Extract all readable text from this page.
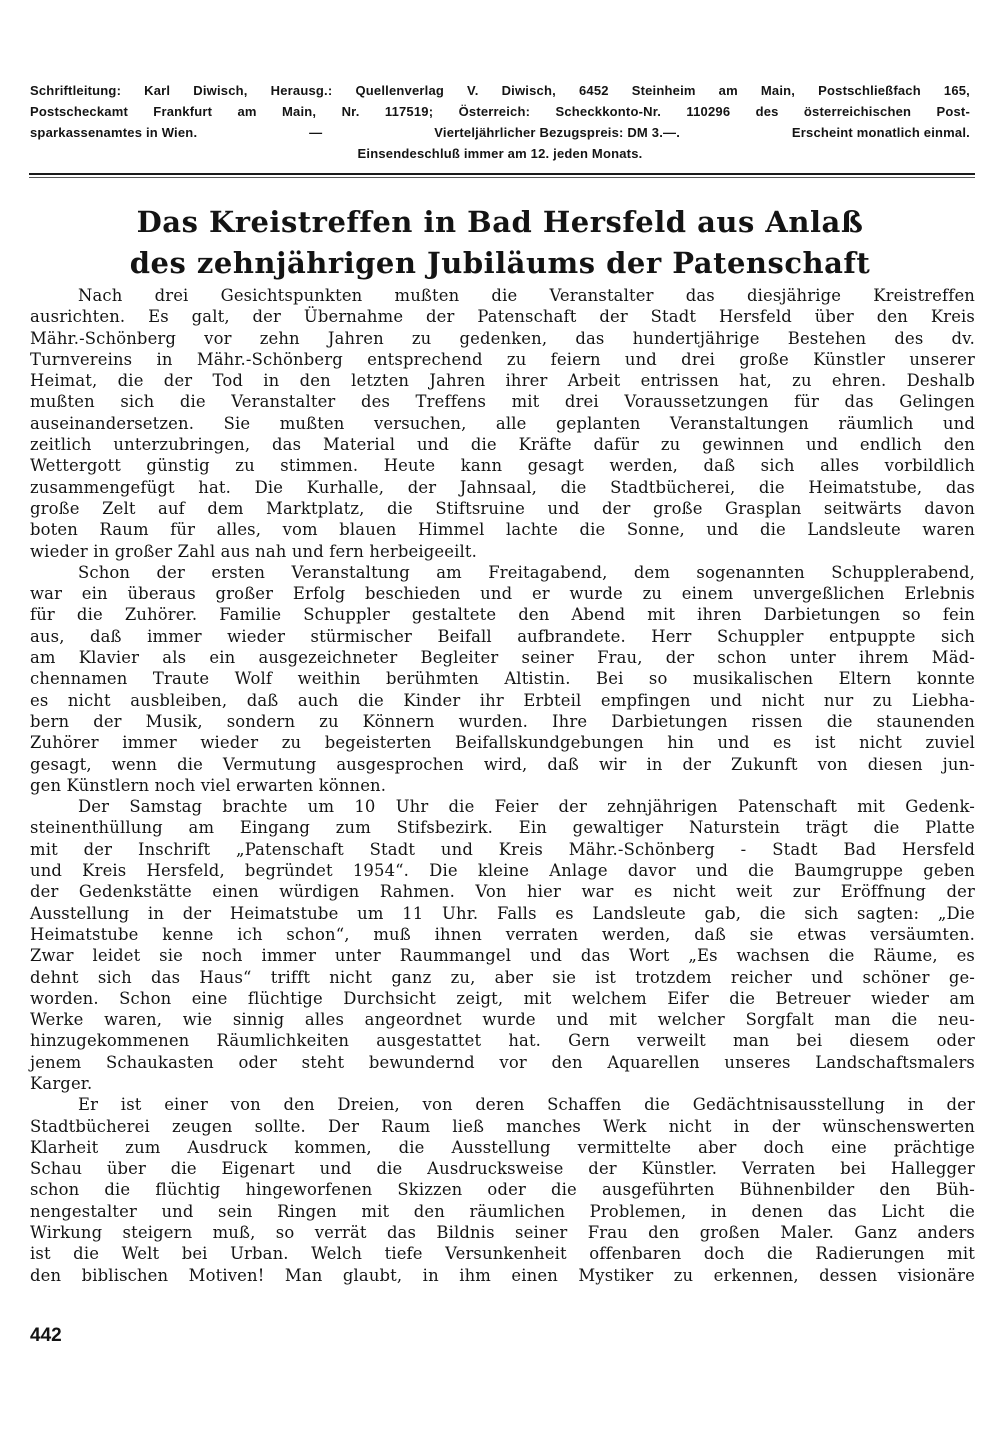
Schriftleitung: Karl Diwisch, Herausg.: Quellenverlag V. Diwisch, 6452 Steinheim am Main, Postschließfach 165,
Postscheckamt Frankfurt am Main, Nr. 117519; Österreich: Scheckkonto-Nr. 110296 des österreichischen Post-
sparkassenamtes in Wien.	—	Vierteljährlicher Bezugspreis: DM 3.—.	Erscheint monatlich einmal.
Einsendeschluß immer am 12. jeden Monats.
Das Kreistreffen in Bad Hersfeld aus Anlaß
des zehnjährigen Jubiläums der Patenschaft
Nach drei Gesichtspunkten mußten die Veranstalter das diesjährige Kreistreffen
ausrichten. Es galt, der Übernahme der Patenschaft der Stadt Hersfeld über den Kreis
Mähr.-Schönberg vor zehn Jahren zu gedenken, das hundertjährige Bestehen des dv.
Turnvereins in Mähr.-Schönberg entsprechend zu feiern und drei große Künstler unserer
Heimat, die der Tod in den letzten Jahren ihrer Arbeit entrissen hat, zu ehren. Deshalb
mußten sich die Veranstalter des Treffens mit drei Voraussetzungen für das Gelingen
auseinandersetzen. Sie mußten versuchen, alle geplanten Veranstaltungen räumlich und
zeitlich unterzubringen, das Material und die Kräfte dafür zu gewinnen und endlich den
Wettergott günstig zu stimmen. Heute kann gesagt werden, daß sich alles vorbildlich
zusammengefügt hat. Die Kurhalle, der Jahnsaal, die Stadtbücherei, die Heimatstube, das
große Zelt auf dem Marktplatz, die Stiftsruine und der große Grasplan seitwärts davon
boten Raum für alles, vom blauen Himmel lachte die Sonne, und die Landsleute waren
wieder in großer Zahl aus nah und fern herbeigeeilt.
Schon der ersten Veranstaltung am Freitagabend, dem sogenannten Schupplerabend,
war ein überaus großer Erfolg beschieden und er wurde zu einem unvergeßlichen Erlebnis
für die Zuhörer. Familie Schuppler gestaltete den Abend mit ihren Darbietungen so fein
aus, daß immer wieder stürmischer Beifall aufbrandete. Herr Schuppler entpuppte sich
am Klavier als ein ausgezeichneter Begleiter seiner Frau, der schon unter ihrem Mäd-
chennamen Traute Wolf weithin berühmten Altistin. Bei so musikalischen Eltern konnte
es nicht ausbleiben, daß auch die Kinder ihr Erbteil empfingen und nicht nur zu Liebha-
bern der Musik, sondern zu Könnern wurden. Ihre Darbietungen rissen die staunenden
Zuhörer immer wieder zu begeisterten Beifallskundgebungen hin und es ist nicht zuviel
gesagt, wenn die Vermutung ausgesprochen wird, daß wir in der Zukunft von diesen jun-
gen Künstlern noch viel erwarten können.
Der Samstag brachte um 10 Uhr die Feier der zehnjährigen Patenschaft mit Gedenk-
steinenthüllung am Eingang zum Stifsbezirk. Ein gewaltiger Naturstein trägt die Platte
mit der Inschrift „Patenschaft Stadt und Kreis Mähr.-Schönberg - Stadt Bad Hersfeld
und Kreis Hersfeld, begründet 1954“. Die kleine Anlage davor und die Baumgruppe geben
der Gedenkstätte einen würdigen Rahmen. Von hier war es nicht weit zur Eröffnung der
Ausstellung in der Heimatstube um 11 Uhr. Falls es Landsleute gab, die sich sagten: „Die
Heimatstube kenne ich schon“, muß ihnen verraten werden, daß sie etwas versäumten.
Zwar leidet sie noch immer unter Raummangel und das Wort „Es wachsen die Räume, es
dehnt sich das Haus“ trifft nicht ganz zu, aber sie ist trotzdem reicher und schöner ge-
worden. Schon eine flüchtige Durchsicht zeigt, mit welchem Eifer die Betreuer wieder am
Werke waren, wie sinnig alles angeordnet wurde und mit welcher Sorgfalt man die neu-
hinzugekommenen Räumlichkeiten ausgestattet hat. Gern verweilt man bei diesem oder
jenem Schaukasten oder steht bewundernd vor den Aquarellen unseres Landschaftsmalers
Karger.
Er ist einer von den Dreien, von deren Schaffen die Gedächtnisausstellung in der
Stadtbücherei zeugen sollte. Der Raum ließ manches Werk nicht in der wünschenswerten
Klarheit zum Ausdruck kommen, die Ausstellung vermittelte aber doch eine prächtige
Schau über die Eigenart und die Ausdrucksweise der Künstler. Verraten bei Hallegger
schon die flüchtig hingeworfenen Skizzen oder die ausgeführten Bühnenbilder den Büh-
nengestalter und sein Ringen mit den räumlichen Problemen, in denen das Licht die
Wirkung steigern muß, so verrät das Bildnis seiner Frau den großen Maler. Ganz anders
ist die Welt bei Urban. Welch tiefe Versunkenheit offenbaren doch die Radierungen mit
den biblischen Motiven! Man glaubt, in ihm einen Mystiker zu erkennen, dessen visionäre
442
